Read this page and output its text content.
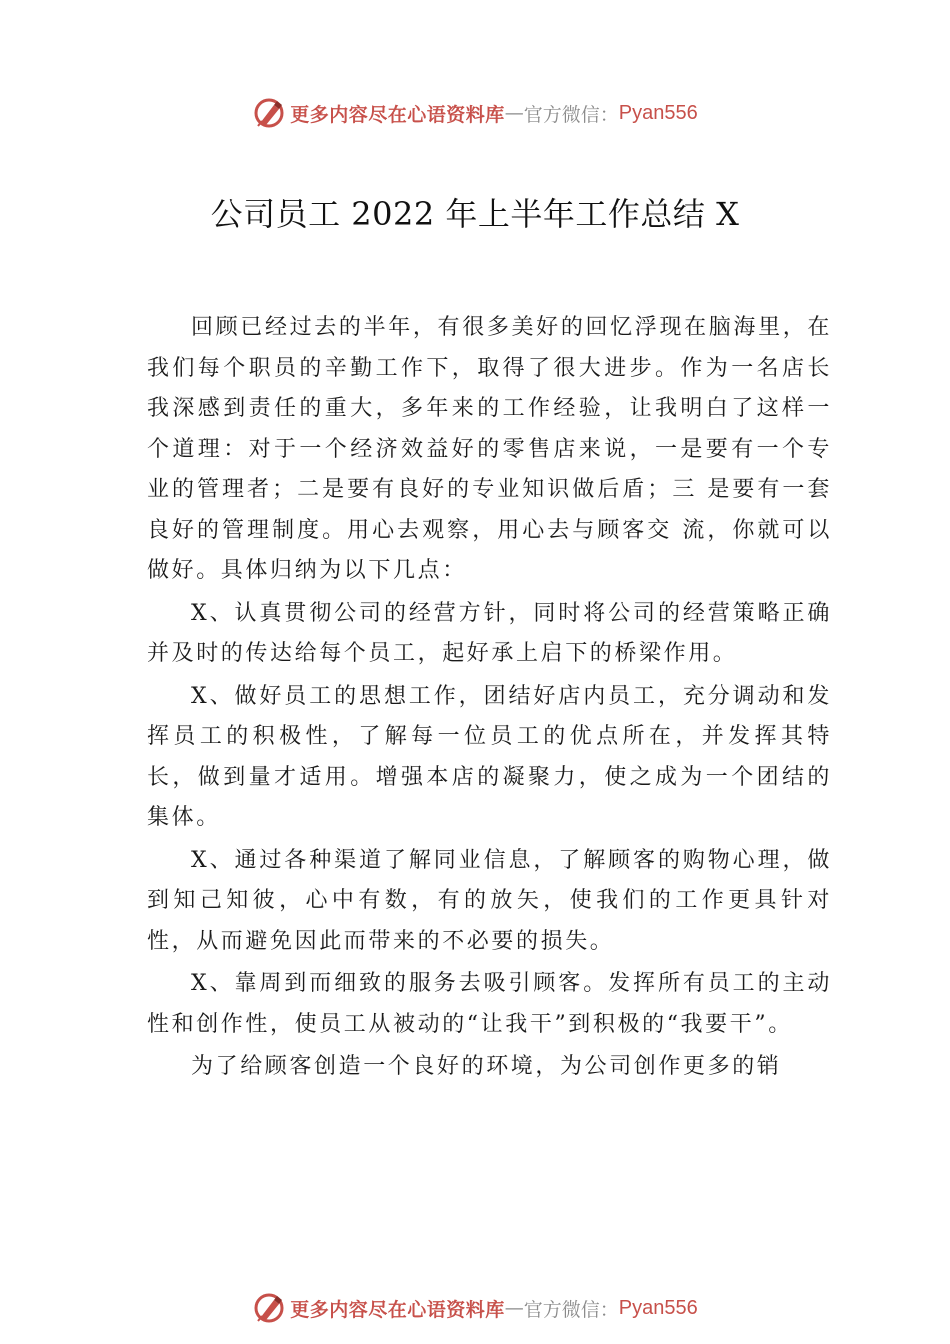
更多内容尽在心语资料库 — 官方微信： Pyan556
公司员工 2022 年上半年工作总结 X

回顾已经过去的半年，有很多美好的回忆浮现在脑海里，在我们每个职员的辛勤工作下，取得了很大进步。作为一名店长我深感到责任的重大，多年来的工作经验，让我明白了这样一个道理：对于一个经济效益好的零售店来说，一是要有一个专业的管理者；二是要有良好的专业知识做后盾；三 是要有一套良好的管理制度。用心去观察，用心去与顾客交 流，你就可以做好。具体归纳为以下几点：

X、认真贯彻公司的经营方针，同时将公司的经营策略正确并及时的传达给每个员工，起好承上启下的桥梁作用。

X、做好员工的思想工作，团结好店内员工，充分调动和发挥员工的积极性，了解每一位员工的优点所在，并发挥其特长，做到量才适用。增强本店的凝聚力，使之成为一个团结的集体。

X、通过各种渠道了解同业信息，了解顾客的购物心理，做到知己知彼，心中有数，有的放矢，使我们的工作更具针对性，从而避免因此而带来的不必要的损失。

X、靠周到而细致的服务去吸引顾客。发挥所有员工的主动性和创作性，使员工从被动的“让我干”到积极的“我要干”。

为了给顾客创造一个良好的环境，为公司创作更多的销

更多内容尽在心语资料库 — 官方微信： Pyan556
